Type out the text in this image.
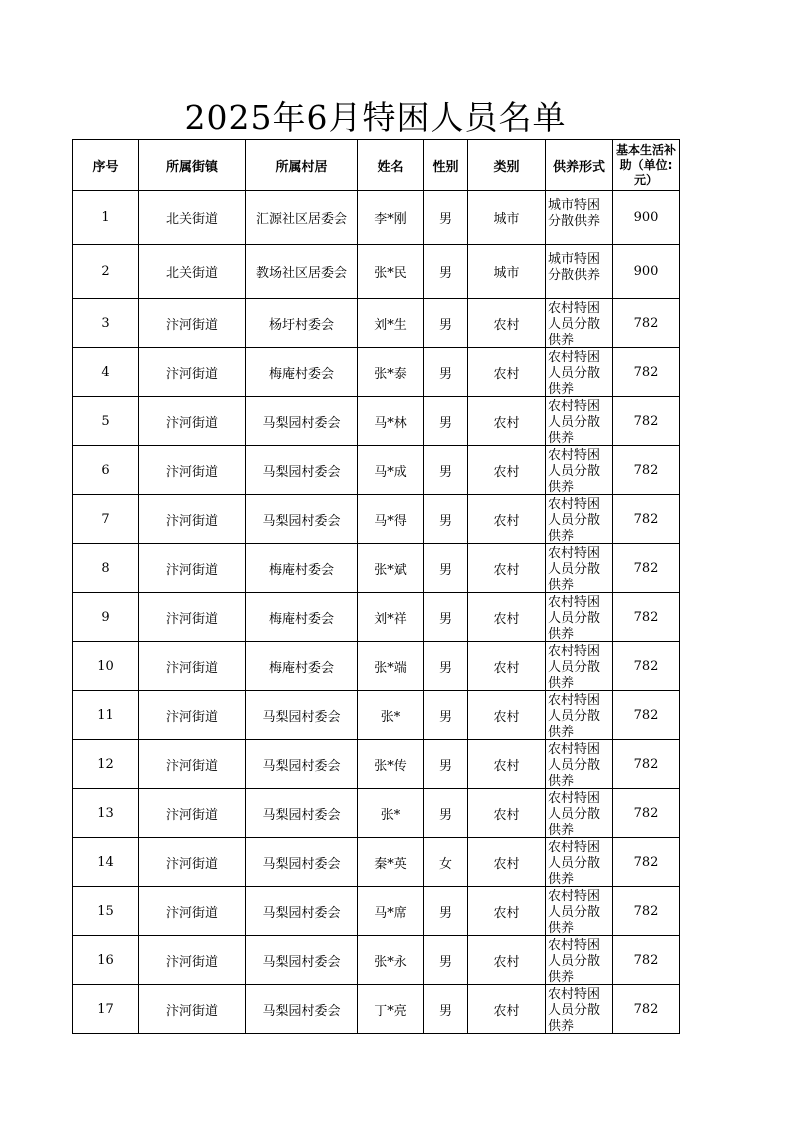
2025年6月特困人员名单
序号	所属街镇	所属村居	姓名	性别	类别	供养形式	基本生活补助（单位:元）
1	北关街道	汇源社区居委会	李*刚	男	城市	城市特困分散供养	900
2	北关街道	教场社区居委会	张*民	男	城市	城市特困分散供养	900
3	汴河街道	杨圩村委会	刘*生	男	农村	农村特困人员分散供养	782
4	汴河街道	梅庵村委会	张*泰	男	农村	农村特困人员分散供养	782
5	汴河街道	马梨园村委会	马*林	男	农村	农村特困人员分散供养	782
6	汴河街道	马梨园村委会	马*成	男	农村	农村特困人员分散供养	782
7	汴河街道	马梨园村委会	马*得	男	农村	农村特困人员分散供养	782
8	汴河街道	梅庵村委会	张*斌	男	农村	农村特困人员分散供养	782
9	汴河街道	梅庵村委会	刘*祥	男	农村	农村特困人员分散供养	782
10	汴河街道	梅庵村委会	张*端	男	农村	农村特困人员分散供养	782
11	汴河街道	马梨园村委会	张*	男	农村	农村特困人员分散供养	782
12	汴河街道	马梨园村委会	张*传	男	农村	农村特困人员分散供养	782
13	汴河街道	马梨园村委会	张*	男	农村	农村特困人员分散供养	782
14	汴河街道	马梨园村委会	秦*英	女	农村	农村特困人员分散供养	782
15	汴河街道	马梨园村委会	马*席	男	农村	农村特困人员分散供养	782
16	汴河街道	马梨园村委会	张*永	男	农村	农村特困人员分散供养	782
17	汴河街道	马梨园村委会	丁*亮	男	农村	农村特困人员分散供养	782
